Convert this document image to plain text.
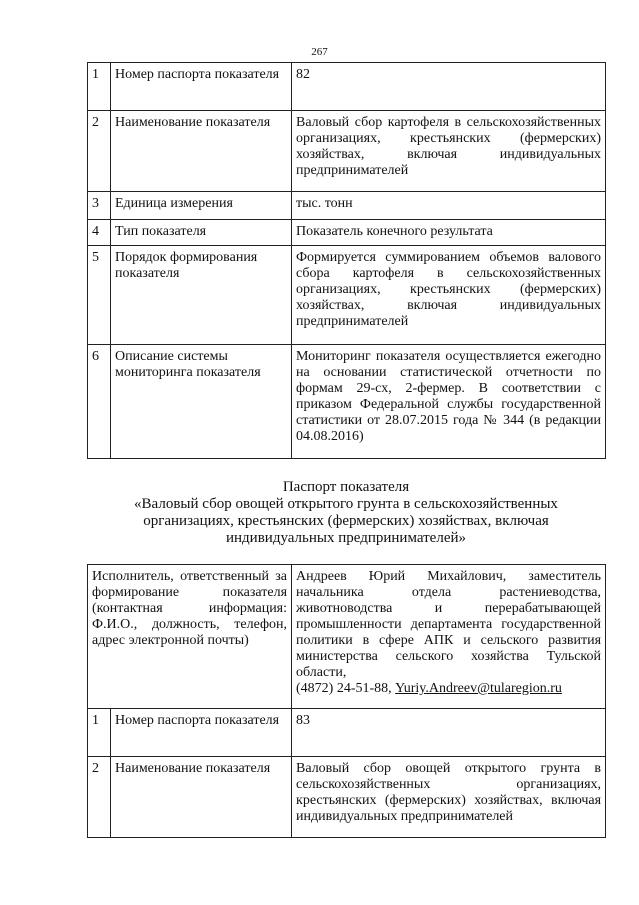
267
1	Номер паспорта показателя	82
2	Наименование показателя	Валовый сбор картофеля в сельскохозяйственных организациях, крестьянских (фермерских) хозяйствах, включая индивидуальных предпринимателей
3	Единица измерения	тыс. тонн
4	Тип показателя	Показатель конечного результата
5	Порядок формирования показателя	Формируется суммированием объемов валового сбора картофеля в сельскохозяйственных организациях, крестьянских (фермерских) хозяйствах, включая индивидуальных предпринимателей
6	Описание системы мониторинга показателя	Мониторинг показателя осуществляется ежегодно на основании статистической отчетности по формам 29-сх, 2-фермер. В соответствии с приказом Федеральной службы государственной статистики от 28.07.2015 года № 344 (в редакции 04.08.2016)
Паспорт показателя
«Валовый сбор овощей открытого грунта в сельскохозяйственных
организациях, крестьянских (фермерских) хозяйствах, включая
индивидуальных предпринимателей»
Исполнитель, ответственный за формирование показателя (контактная информация: Ф.И.О., должность, телефон, адрес электронной почты)		Андреев Юрий Михайлович, заместитель начальника отдела растениеводства, животноводства и перерабатывающей промышленности департамента государственной политики в сфере АПК и сельского развития министерства сельского хозяйства Тульской области,
(4872) 24-51-88, Yuriy.Andreev@tularegion.ru
1	Номер паспорта показателя	83
2	Наименование показателя	Валовый сбор овощей открытого грунта в сельскохозяйственных организациях, крестьянских (фермерских) хозяйствах, включая индивидуальных предпринимателей
